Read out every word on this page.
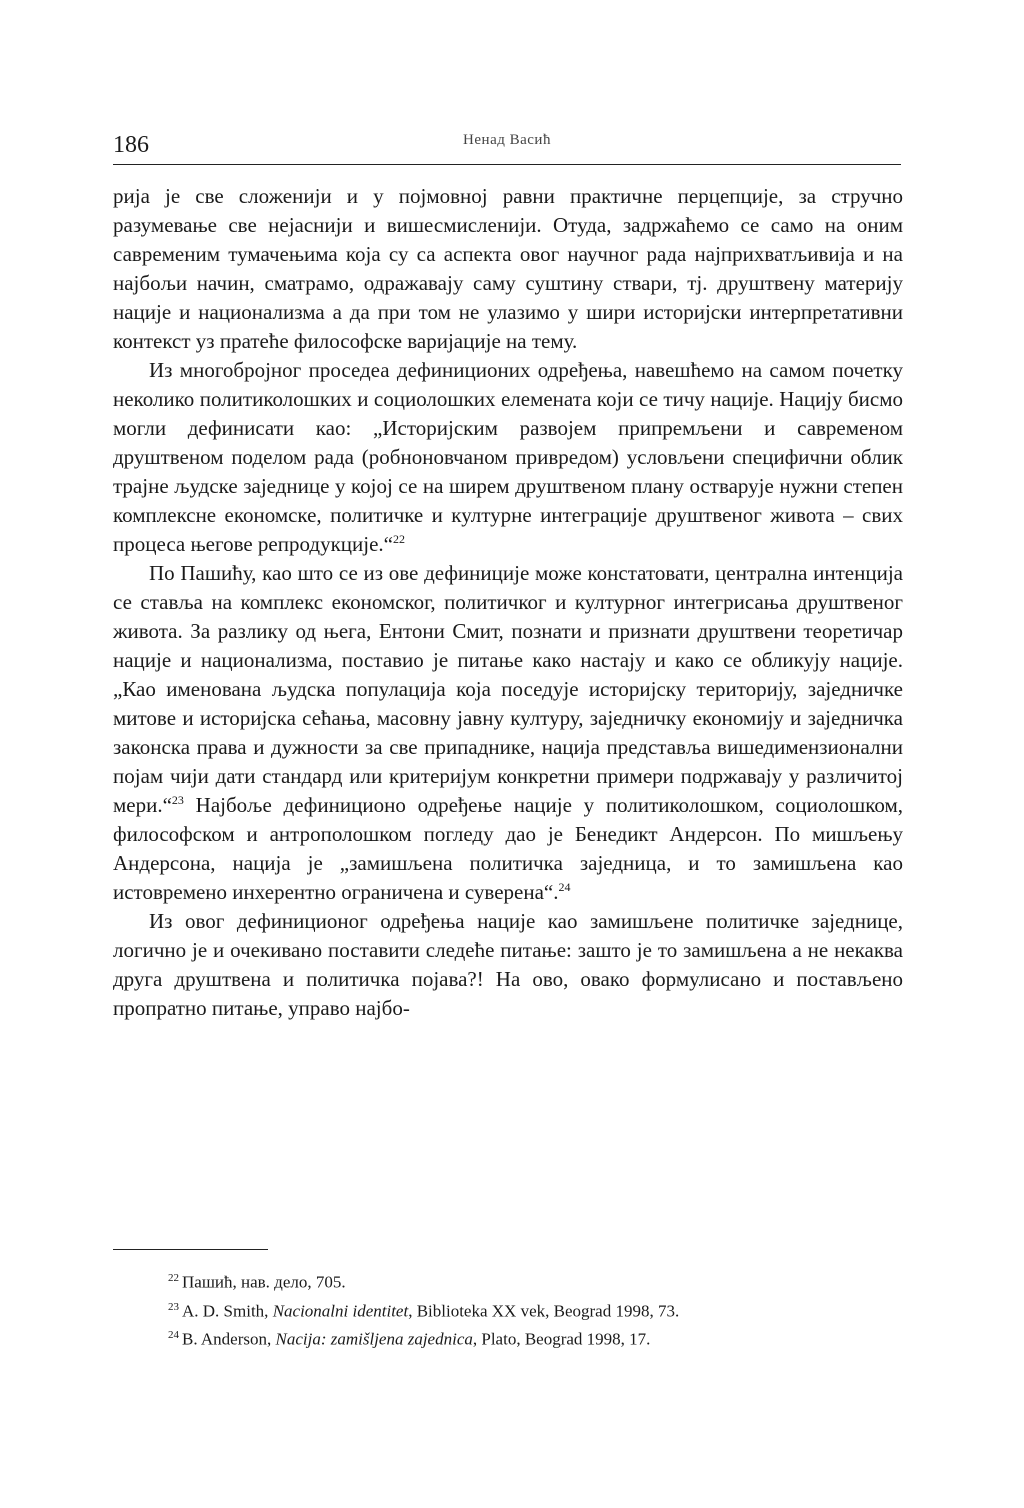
186	Ненад Васић

рија је све сложенији и у појмовној равни практичне перцепције, за стручно разумевање све нејаснији и вишесмисленији. Отуда, задржаћемо се само на оним савременим тумачењима која су са аспекта овог научног рада најприхватљивија и на најбољи начин, сматрамо, одражавају саму суштину ствари, тј. друштвену материју нације и национализма а да при том не улазимо у шири историјски интерпретативни контекст уз пратеће философске варијације на тему.

Из многобројног проседеа дефиниционих одређења, навешћемо на самом почетку неколико политиколошких и социолошких елемената који се тичу нације. Нацију бисмо могли дефинисати као: „Историјским развојем припремљени и савременом друштвеном поделом рада (робноновчаном привредом) условљени специфични облик трајне људске заједнице у којој се на ширем друштвеном плану остварује нужни степен комплексне економске, политичке и културне интеграције друштвеног живота – свих процеса његове репродукције.“$^{22}$

По Пашићу, као што се из ове дефиниције може констатовати, централна интенција се ставља на комплекс економског, политичког и културног интегрисања друштвеног живота. За разлику од њега, Ентони Смит, познати и признати друштвени теоретичар нације и национализма, поставио је питање како настају и како се обликују нације. „Као именована људска популација која поседује историјску територију, заједничке митове и историјска сећања, масовну јавну културу, заједничку економију и заједничка законска права и дужности за све припаднике, нација представља вишедимензионални појам чији дати стандард или критеријум конкретни примери подржавају у различитој мери.“$^{23}$ Најбоље дефиниционо одређење нације у политиколошком, социолошком, философском и антрополошком погледу дао је Бенедикт Андерсон. По мишљењу Андерсона, нација је „замишљена политичка заједница, и то замишљена као истовремено инхерентно ограничена и суверена“.$^{24}$

Из овог дефиниционог одређења нације као замишљене политичке заједнице, логично је и очекивано поставити следеће питање: зашто је то замишљена а не некаква друга друштвена и политичка појава?! На ово, овако формулисано и постављено пропратно питање, управо најбо-

$^{22}$ Пашић, нав. дело, 705.
$^{23}$ A. D. Smith, Nacionalni identitet, Biblioteka XX vek, Beograd 1998, 73.
$^{24}$ B. Anderson, Nacija: zamišljena zajednica, Plato, Beograd 1998, 17.
